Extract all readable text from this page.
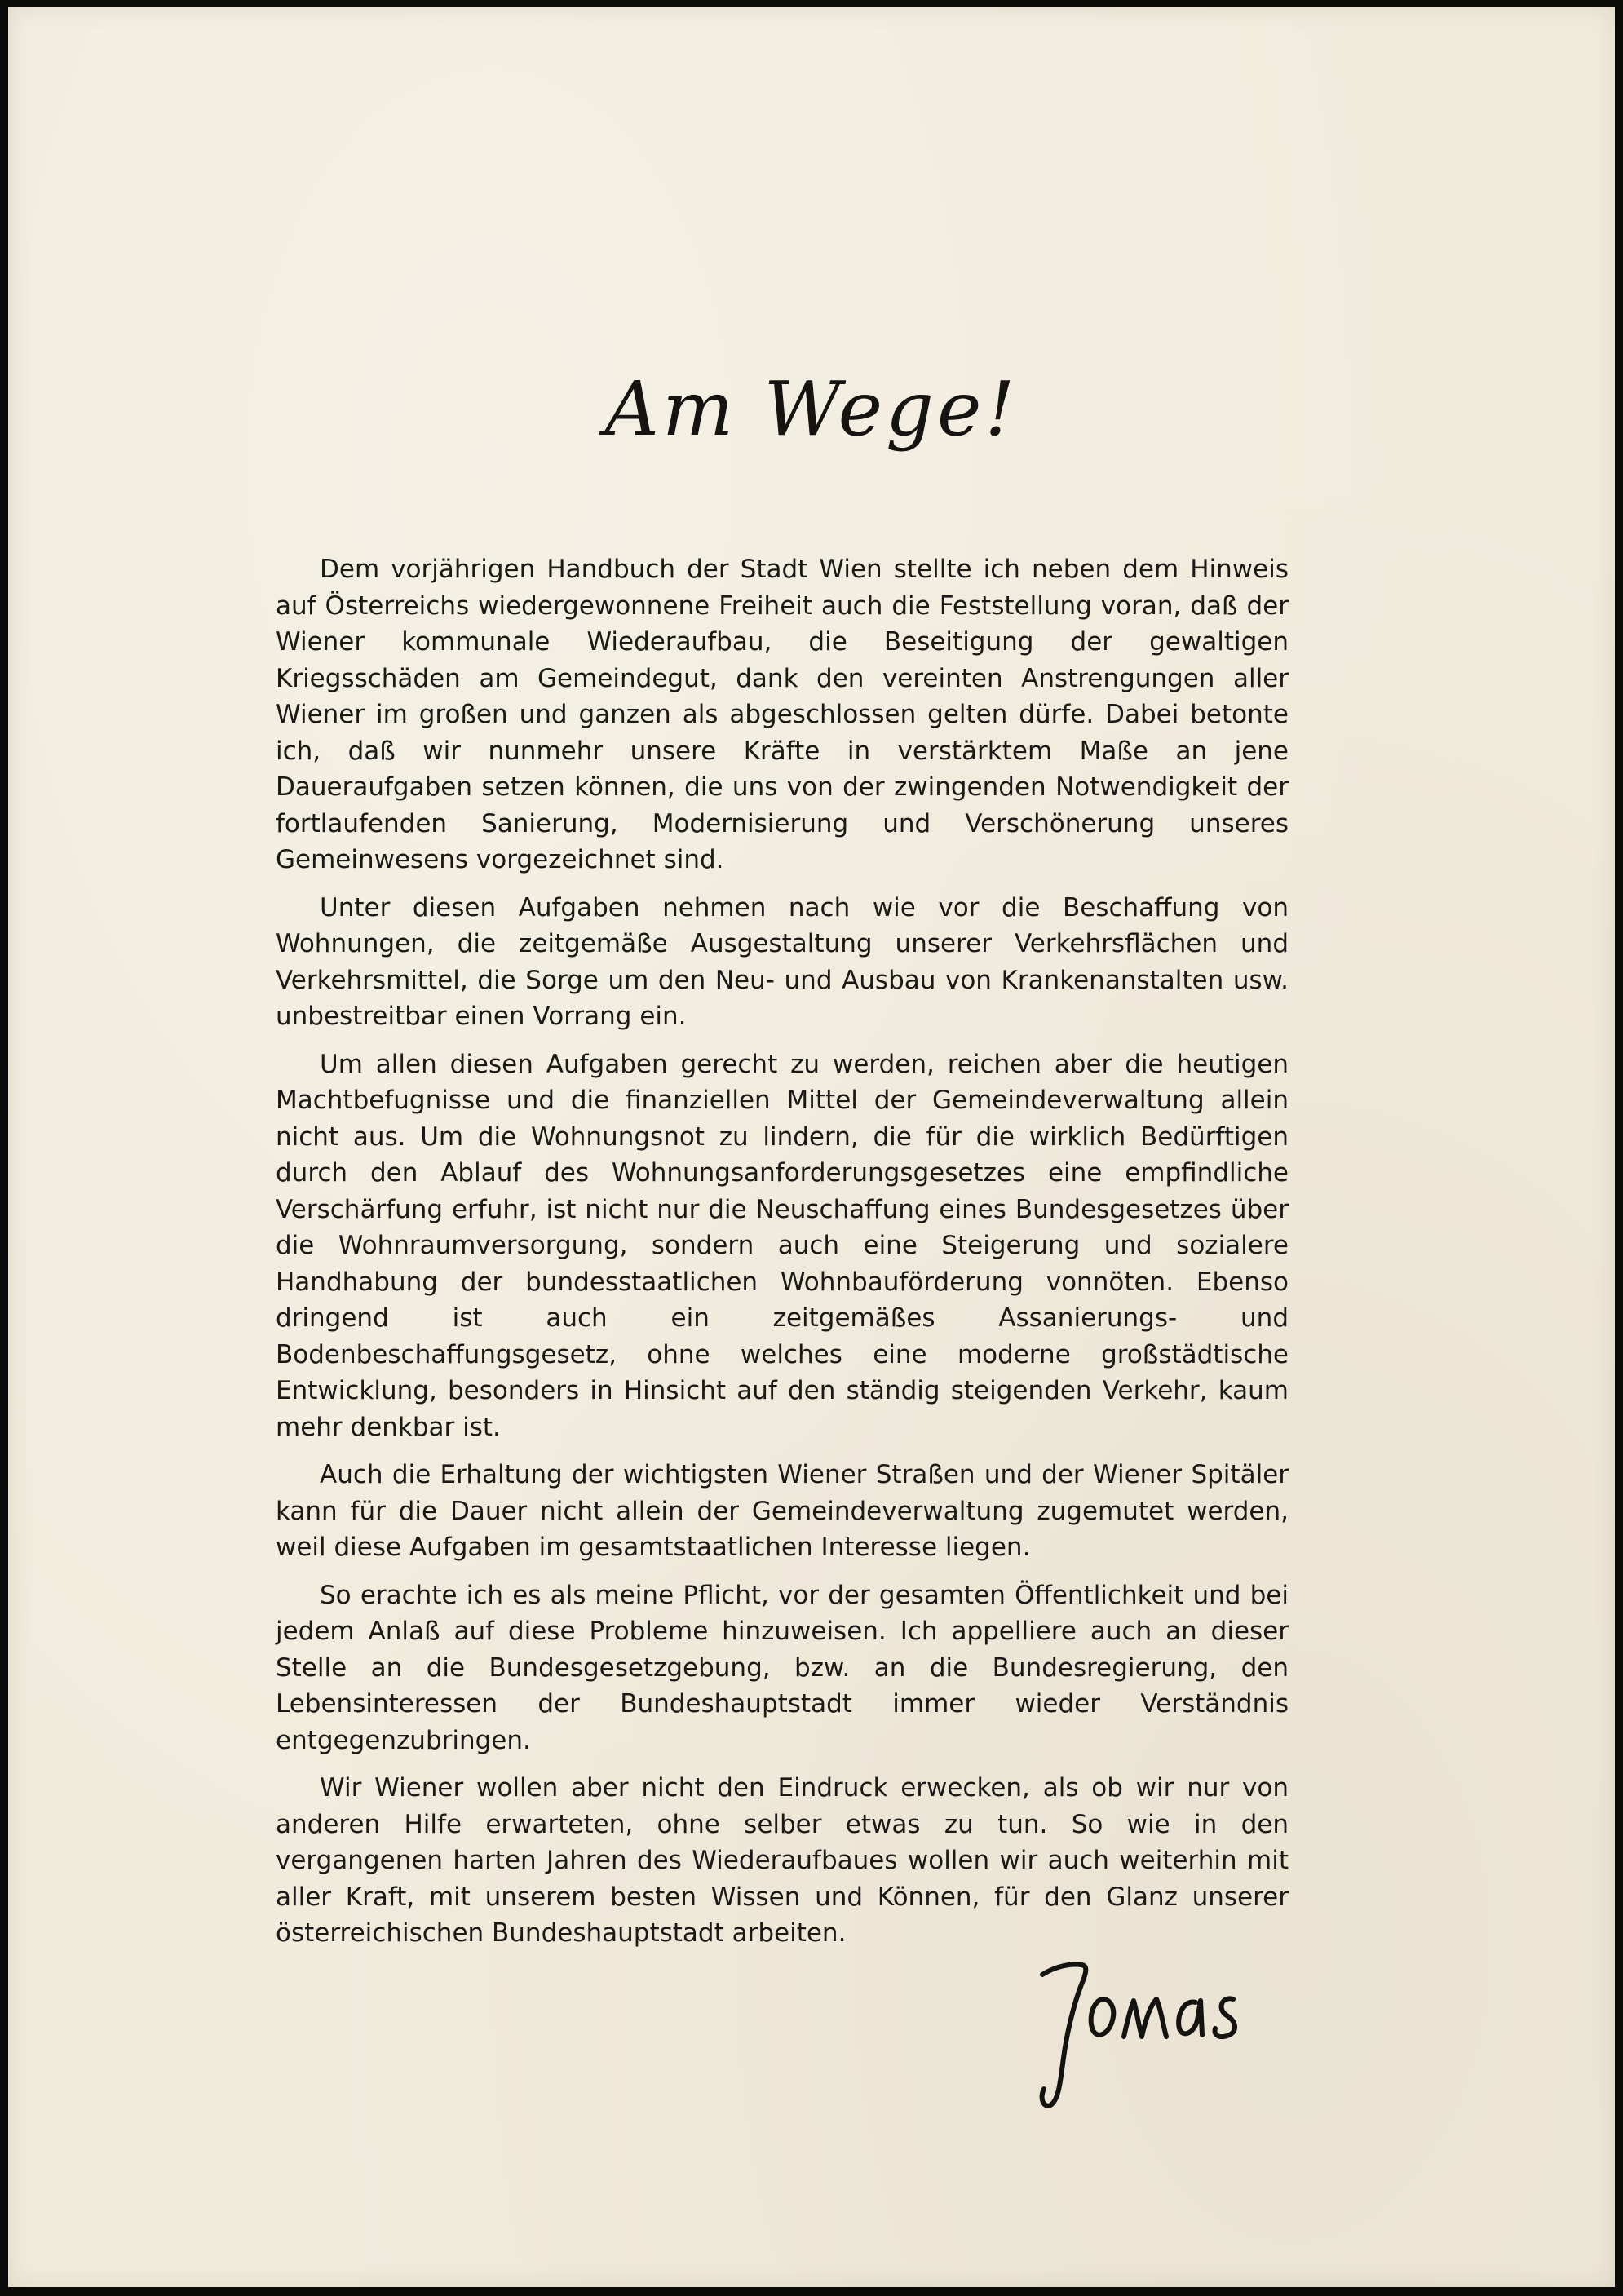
Am Wege!

Dem vorjährigen Handbuch der Stadt Wien stellte ich neben dem Hinweis auf Österreichs wiedergewonnene Freiheit auch die Feststellung voran, daß der Wiener kommunale Wiederaufbau, die Beseitigung der gewaltigen Kriegsschäden am Gemeindegut, dank den vereinten Anstrengungen aller Wiener im großen und ganzen als abgeschlossen gelten dürfe. Dabei betonte ich, daß wir nunmehr unsere Kräfte in verstärktem Maße an jene Daueraufgaben setzen können, die uns von der zwingenden Notwendigkeit der fortlaufenden Sanierung, Modernisierung und Verschönerung unseres Gemeinwesens vorgezeichnet sind.

Unter diesen Aufgaben nehmen nach wie vor die Beschaffung von Wohnungen, die zeitgemäße Ausgestaltung unserer Verkehrsflächen und Verkehrsmittel, die Sorge um den Neu- und Ausbau von Krankenanstalten usw. unbestreitbar einen Vorrang ein.

Um allen diesen Aufgaben gerecht zu werden, reichen aber die heutigen Machtbefugnisse und die finanziellen Mittel der Gemeindeverwaltung allein nicht aus. Um die Wohnungsnot zu lindern, die für die wirklich Bedürftigen durch den Ablauf des Wohnungsanforderungsgesetzes eine empfindliche Verschärfung erfuhr, ist nicht nur die Neuschaffung eines Bundesgesetzes über die Wohnraumversorgung, sondern auch eine Steigerung und sozialere Handhabung der bundesstaatlichen Wohnbauförderung vonnöten. Ebenso dringend ist auch ein zeitgemäßes Assanierungs- und Bodenbeschaffungsgesetz, ohne welches eine moderne großstädtische Entwicklung, besonders in Hinsicht auf den ständig steigenden Verkehr, kaum mehr denkbar ist.

Auch die Erhaltung der wichtigsten Wiener Straßen und der Wiener Spitäler kann für die Dauer nicht allein der Gemeindeverwaltung zugemutet werden, weil diese Aufgaben im gesamtstaatlichen Interesse liegen.

So erachte ich es als meine Pflicht, vor der gesamten Öffentlichkeit und bei jedem Anlaß auf diese Probleme hinzuweisen. Ich appelliere auch an dieser Stelle an die Bundesgesetzgebung, bzw. an die Bundesregierung, den Lebensinteressen der Bundeshauptstadt immer wieder Verständnis entgegenzubringen.

Wir Wiener wollen aber nicht den Eindruck erwecken, als ob wir nur von anderen Hilfe erwarteten, ohne selber etwas zu tun. So wie in den vergangenen harten Jahren des Wiederaufbaues wollen wir auch weiterhin mit aller Kraft, mit unserem besten Wissen und Können, für den Glanz unserer österreichischen Bundeshauptstadt arbeiten.
